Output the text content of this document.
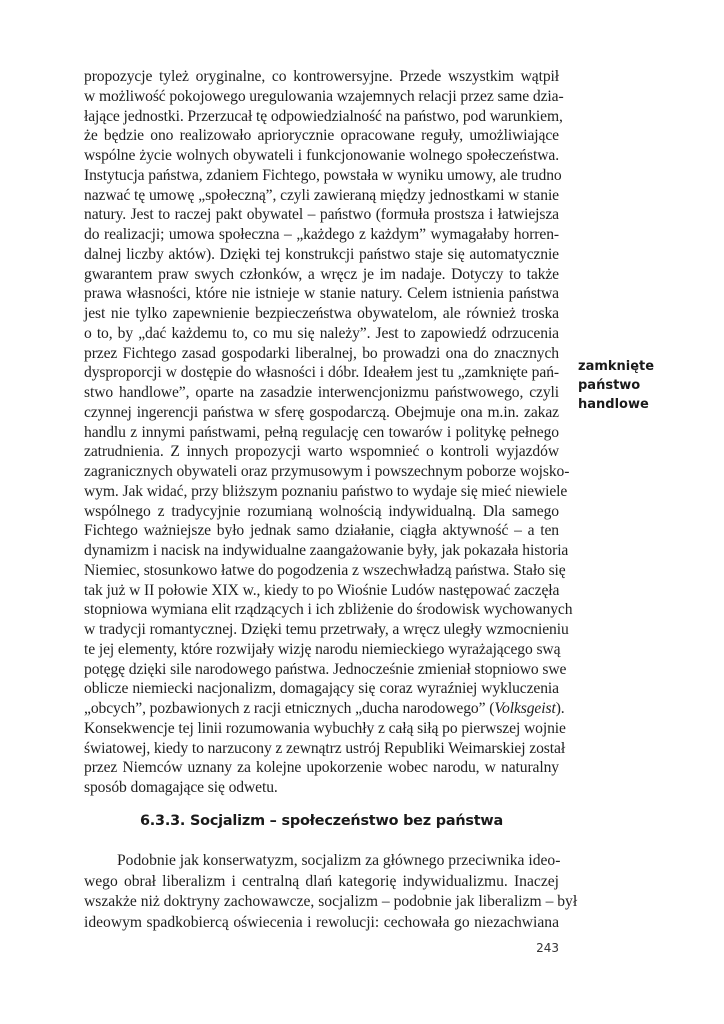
propozycje tyleż oryginalne, co kontrowersyjne. Przede wszystkim wątpił
w możliwość pokojowego uregulowania wzajemnych relacji przez same dzia-
łające jednostki. Przerzucał tę odpowiedzialność na państwo, pod warunkiem,
że będzie ono realizowało apriorycznie opracowane reguły, umożliwiające
wspólne życie wolnych obywateli i funkcjonowanie wolnego społeczeństwa.
Instytucja państwa, zdaniem Fichtego, powstała w wyniku umowy, ale trudno
nazwać tę umowę „społeczną”, czyli zawieraną między jednostkami w stanie
natury. Jest to raczej pakt obywatel – państwo (formuła prostsza i łatwiejsza
do realizacji; umowa społeczna – „każdego z każdym” wymagałaby horren-
dalnej liczby aktów). Dzięki tej konstrukcji państwo staje się automatycznie
gwarantem praw swych członków, a wręcz je im nadaje. Dotyczy to także
prawa własności, które nie istnieje w stanie natury. Celem istnienia państwa
jest nie tylko zapewnienie bezpieczeństwa obywatelom, ale również troska
o to, by „dać każdemu to, co mu się należy”. Jest to zapowiedź odrzucenia
przez Fichtego zasad gospodarki liberalnej, bo prowadzi ona do znacznych
dysproporcji w dostępie do własności i dóbr. Ideałem jest tu „zamknięte pań-
stwo handlowe”, oparte na zasadzie interwencjonizmu państwowego, czyli
czynnej ingerencji państwa w sferę gospodarczą. Obejmuje ona m.in. zakaz
handlu z innymi państwami, pełną regulację cen towarów i politykę pełnego
zatrudnienia. Z innych propozycji warto wspomnieć o kontroli wyjazdów
zagranicznych obywateli oraz przymusowym i powszechnym poborze wojsko-
wym. Jak widać, przy bliższym poznaniu państwo to wydaje się mieć niewiele
wspólnego z tradycyjnie rozumianą wolnością indywidualną. Dla samego
Fichtego ważniejsze było jednak samo działanie, ciągła aktywność – a ten
dynamizm i nacisk na indywidualne zaangażowanie były, jak pokazała historia
Niemiec, stosunkowo łatwe do pogodzenia z wszechwładzą państwa. Stało się
tak już w II połowie XIX w., kiedy to po Wiośnie Ludów następować zaczęła
stopniowa wymiana elit rządzących i ich zbliżenie do środowisk wychowanych
w tradycji romantycznej. Dzięki temu przetrwały, a wręcz uległy wzmocnieniu
te jej elementy, które rozwijały wizję narodu niemieckiego wyrażającego swą
potęgę dzięki sile narodowego państwa. Jednocześnie zmieniał stopniowo swe
oblicze niemiecki nacjonalizm, domagający się coraz wyraźniej wykluczenia
„obcych”, pozbawionych z racji etnicznych „ducha narodowego” (Volksgeist).
Konsekwencje tej linii rozumowania wybuchły z całą siłą po pierwszej wojnie
światowej, kiedy to narzucony z zewnątrz ustrój Republiki Weimarskiej został
przez Niemców uznany za kolejne upokorzenie wobec narodu, w naturalny
sposób domagające się odwetu.
zamknięte
państwo
handlowe
6.3.3. Socjalizm – społeczeństwo bez państwa
Podobnie jak konserwatyzm, socjalizm za głównego przeciwnika ideo-
wego obrał liberalizm i centralną dlań kategorię indywidualizmu. Inaczej
wszakże niż doktryny zachowawcze, socjalizm – podobnie jak liberalizm – był
ideowym spadkobiercą oświecenia i rewolucji: cechowała go niezachwiana
243
